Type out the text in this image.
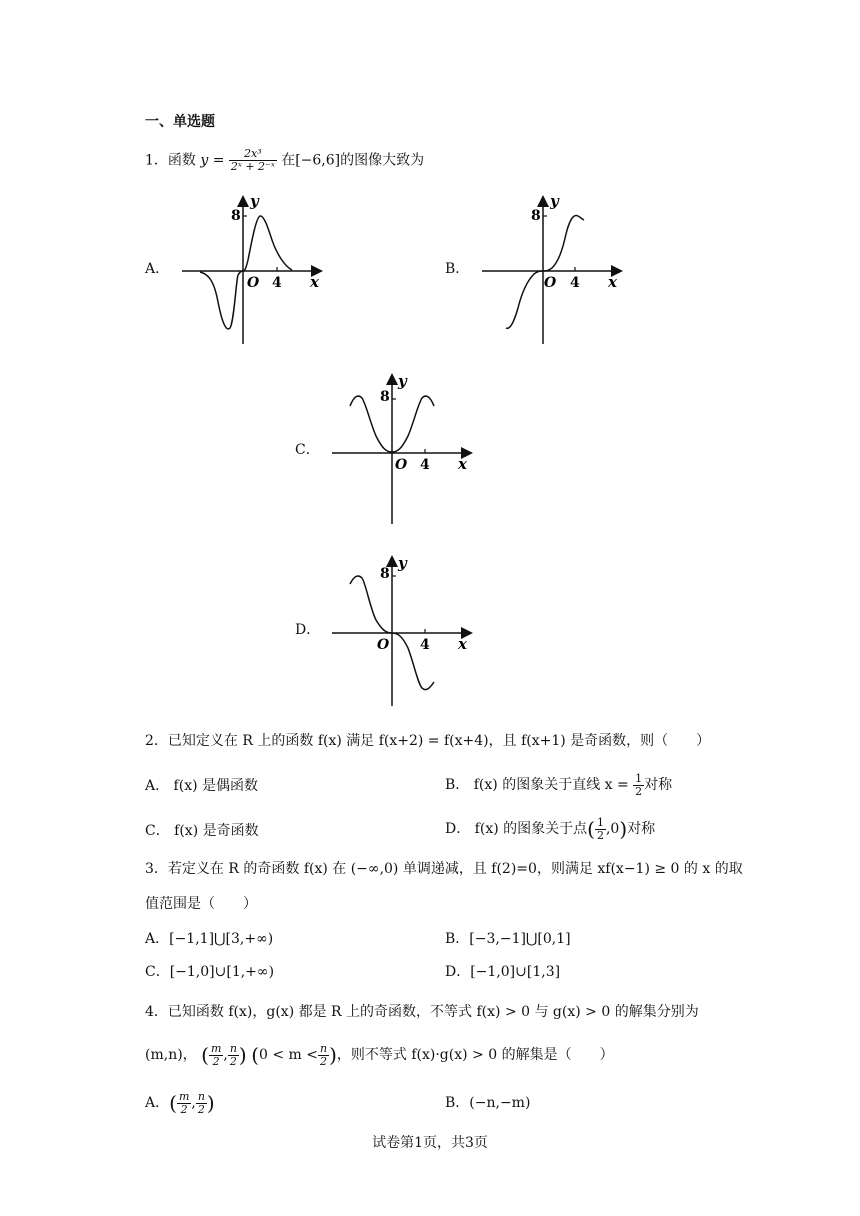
一、单选题
1．函数 $y = \frac{\text{2x³}}{\text{2ˣ + 2⁻ˣ}}$ 在[−6,6]的图像大致为
A．	B．
C．
D．
y
8
O 4 x
y
8
O 4 x
y
8
O 4 x
y
8
O 4 x
2．已知定义在 R 上的函数 f(x) 满足 f(x+2) = f(x+4)，且 f(x+1) 是奇函数，则（　　）
A． f(x) 是偶函数	B． f(x) 的图象关于直线 $x = \frac{1}{2}$ 对称
C． f(x) 是奇函数	D． f(x) 的图象关于点( $\frac{1}{2} ,0$)对称
3．若定义在 R 的奇函数 f(x) 在 (−∞,0) 单调递减，且 f(2)=0，则满足 xf(x−1) ≥ 0 的 x 的取
值范围是（　　）
A．[−1,1]⋃[3,+∞)	B．[−3,−1]⋃[0,1]
C．[−1,0]∪[1,+∞)	D．[−1,0]∪[1,3]
4．已知函数 f(x)，g(x) 都是 R 上的奇函数，不等式 f(x) > 0 与 g(x) > 0 的解集分别为
(m,n)， ( $\frac{m}{2}$ , $\frac{n}{2}$ ) ($0 < m < \frac{n}{2}$ )，则不等式 f(x)·g(x) > 0 的解集是（　　）
A．( $\frac{m}{2}$ , $\frac{n}{2}$ )	B．(−n,−m)
试卷第1页，共3页
